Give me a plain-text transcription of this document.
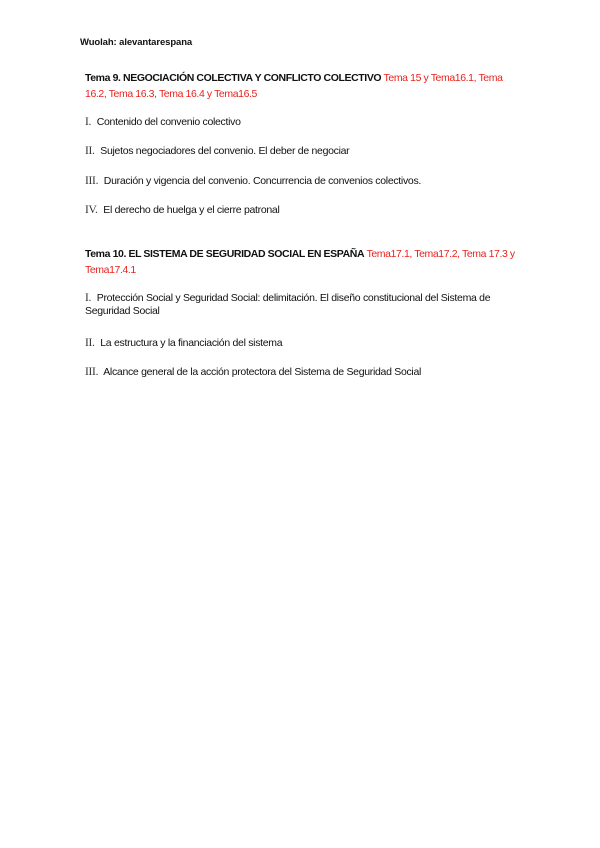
Wuolah: alevantarespana
Tema 9. NEGOCIACIÓN COLECTIVA Y CONFLICTO COLECTIVO Tema 15 y Tema16.1, Tema 16.2, Tema 16.3, Tema 16.4 y Tema16.5
I. Contenido del convenio colectivo
II. Sujetos negociadores del convenio. El deber de negociar
III. Duración y vigencia del convenio. Concurrencia de convenios colectivos.
IV. El derecho de huelga y el cierre patronal
Tema 10. EL SISTEMA DE SEGURIDAD SOCIAL EN ESPAÑA Tema17.1, Tema17.2, Tema 17.3 y Tema17.4.1
I. Protección Social y Seguridad Social: delimitación. El diseño constitucional del Sistema de Seguridad Social
II. La estructura y la financiación del sistema
III. Alcance general de la acción protectora del Sistema de Seguridad Social
